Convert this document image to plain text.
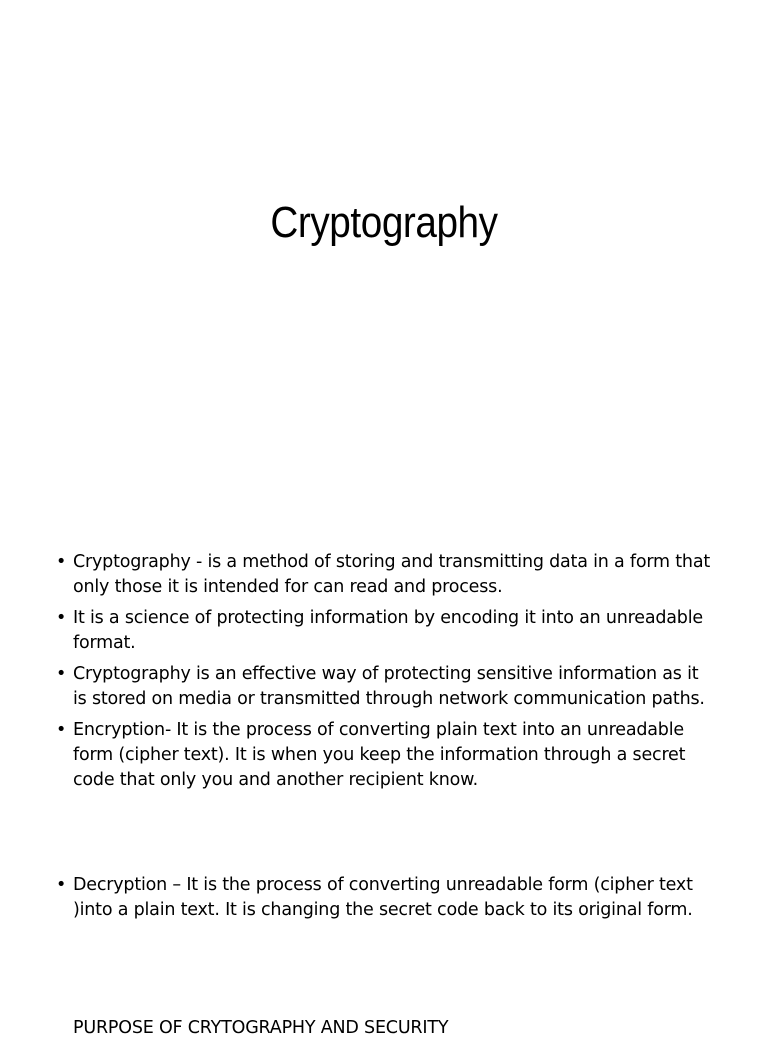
Cryptography
• Cryptography - is a method of storing and transmitting data in a form that only those it is intended for can read and process.
• It is a science of protecting information by encoding it into an unreadable format.
• Cryptography is an effective way of protecting sensitive information as it is stored on media or transmitted through network communication paths.
• Encryption- It is the process of converting plain text into an unreadable form (cipher text). It is when you keep the information through a secret code that only you and another recipient know.
• Decryption – It is the process of converting unreadable form (cipher text )into a plain text. It is changing the secret code back to its original form.
PURPOSE OF CRYTOGRAPHY AND SECURITY
